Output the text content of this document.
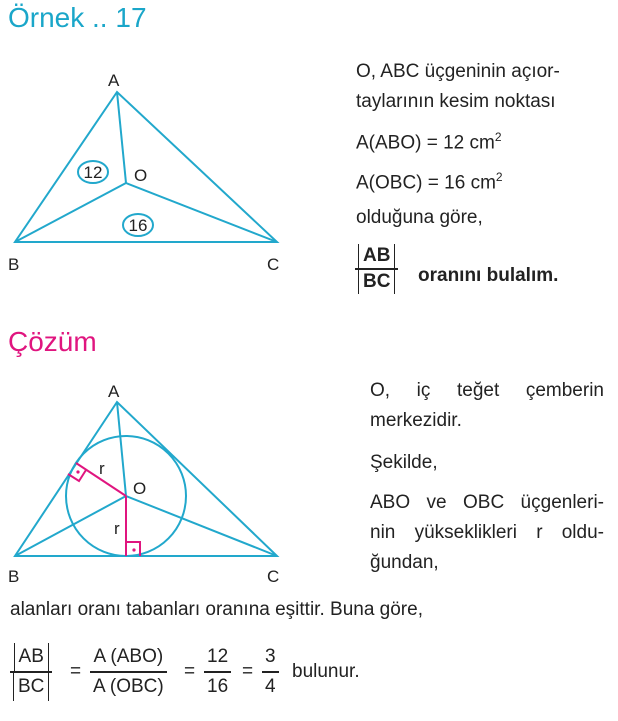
Örnek .. 17
Çözüm
A
B	C
O
12
16
O, ABC üçgeninin açıor-
taylarının kesim noktası
A(ABO) = 12 $cm^2$
A(OBC) = 16 $cm^2$
olduğuna göre,
AB
BC	oranını bulalım.
A
B	C
O
r
r
O, iç teğet çemberin
merkezidir.
Şekilde,
ABO ve OBC üçgenleri-
nin yükseklikleri r oldu-
ğundan,
alanları oranı tabanları oranına eşittir. Buna göre,
AB
BC
=
A (ABO)
A (OBC)
=
12
16
=
3
4
bulunur.
